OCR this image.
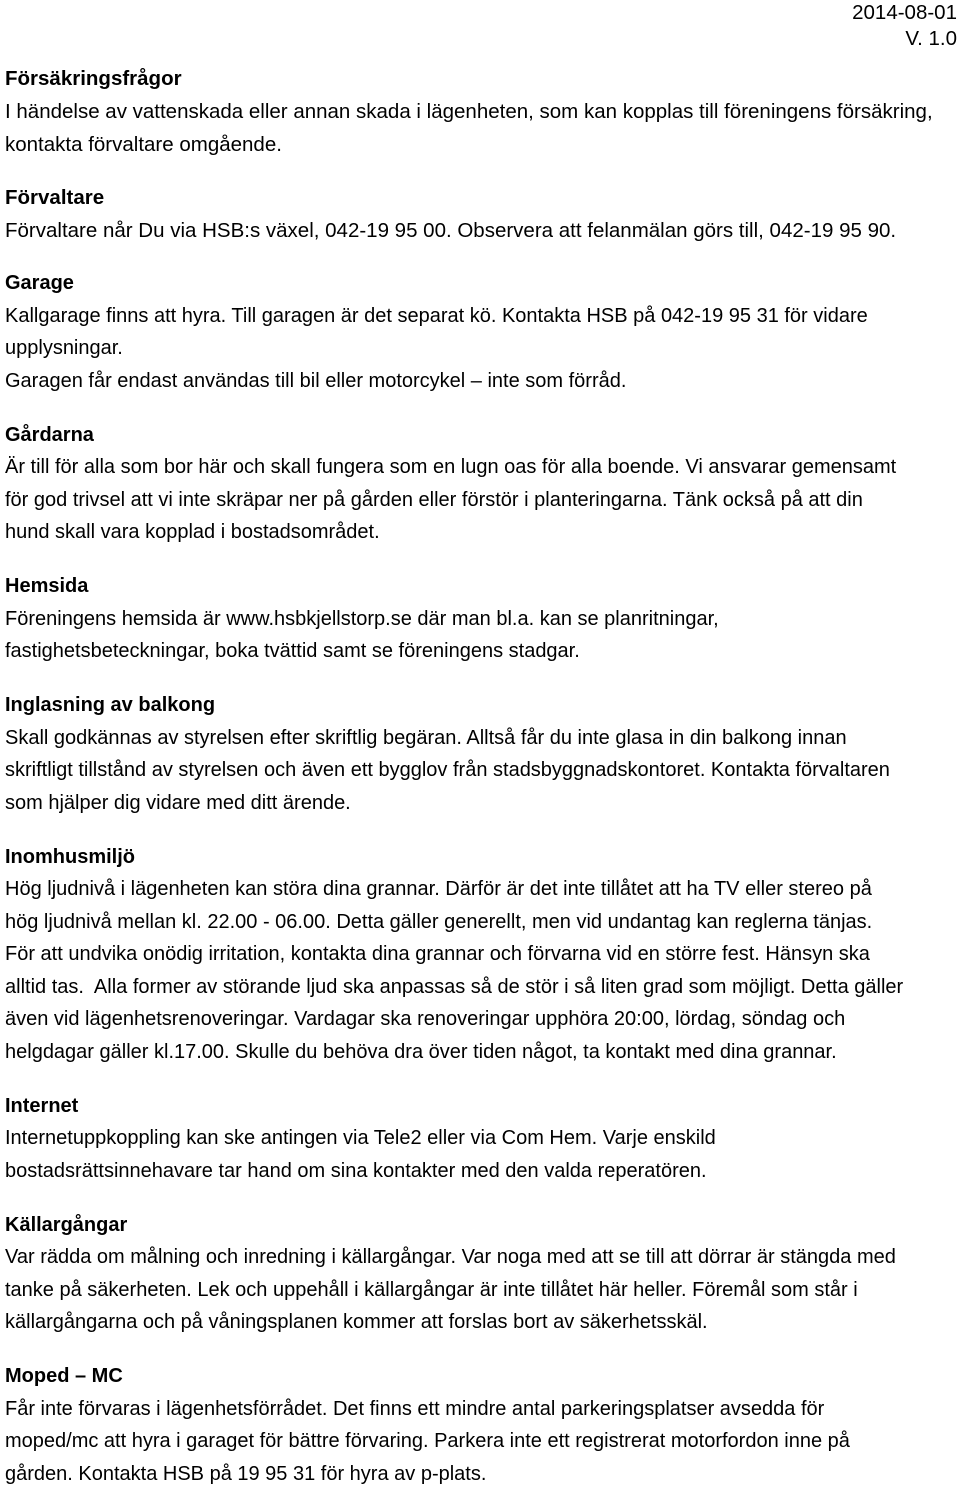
2014-08-01
V. 1.0
Försäkringsfrågor
I händelse av vattenskada eller annan skada i lägenheten, som kan kopplas till föreningens försäkring,
kontakta förvaltare omgående.
Förvaltare
Förvaltare når Du via HSB:s växel, 042-19 95 00. Observera att felanmälan görs till, 042-19 95 90.
Garage
Kallgarage finns att hyra. Till garagen är det separat kö. Kontakta HSB på 042-19 95 31 för vidare
upplysningar.
Garagen får endast användas till bil eller motorcykel – inte som förråd.
Gårdarna
Är till för alla som bor här och skall fungera som en lugn oas för alla boende. Vi ansvarar gemensamt
för god trivsel att vi inte skräpar ner på gården eller förstör i planteringarna. Tänk också på att din
hund skall vara kopplad i bostadsområdet.
Hemsida
Föreningens hemsida är www.hsbkjellstorp.se där man bl.a. kan se planritningar,
fastighetsbeteckningar, boka tvättid samt se föreningens stadgar.
Inglasning av balkong
Skall godkännas av styrelsen efter skriftlig begäran. Alltså får du inte glasa in din balkong innan
skriftligt tillstånd av styrelsen och även ett bygglov från stadsbyggnadskontoret. Kontakta förvaltaren
som hjälper dig vidare med ditt ärende.
Inomhusmiljö
Hög ljudnivå i lägenheten kan störa dina grannar. Därför är det inte tillåtet att ha TV eller stereo på
hög ljudnivå mellan kl. 22.00 - 06.00. Detta gäller generellt, men vid undantag kan reglerna tänjas.
För att undvika onödig irritation, kontakta dina grannar och förvarna vid en större fest. Hänsyn ska
alltid tas.  Alla former av störande ljud ska anpassas så de stör i så liten grad som möjligt. Detta gäller
även vid lägenhetsrenoveringar. Vardagar ska renoveringar upphöra 20:00, lördag, söndag och
helgdagar gäller kl.17.00. Skulle du behöva dra över tiden något, ta kontakt med dina grannar.
Internet
Internetuppkoppling kan ske antingen via Tele2 eller via Com Hem. Varje enskild
bostadsrättsinnehavare tar hand om sina kontakter med den valda reperatören.
Källargångar
Var rädda om målning och inredning i källargångar. Var noga med att se till att dörrar är stängda med
tanke på säkerheten. Lek och uppehåll i källargångar är inte tillåtet här heller. Föremål som står i
källargångarna och på våningsplanen kommer att forslas bort av säkerhetsskäl.
Moped – MC
Får inte förvaras i lägenhetsförrådet. Det finns ett mindre antal parkeringsplatser avsedda för
moped/mc att hyra i garaget för bättre förvaring. Parkera inte ett registrerat motorfordon inne på
gården. Kontakta HSB på 19 95 31 för hyra av p-plats.
